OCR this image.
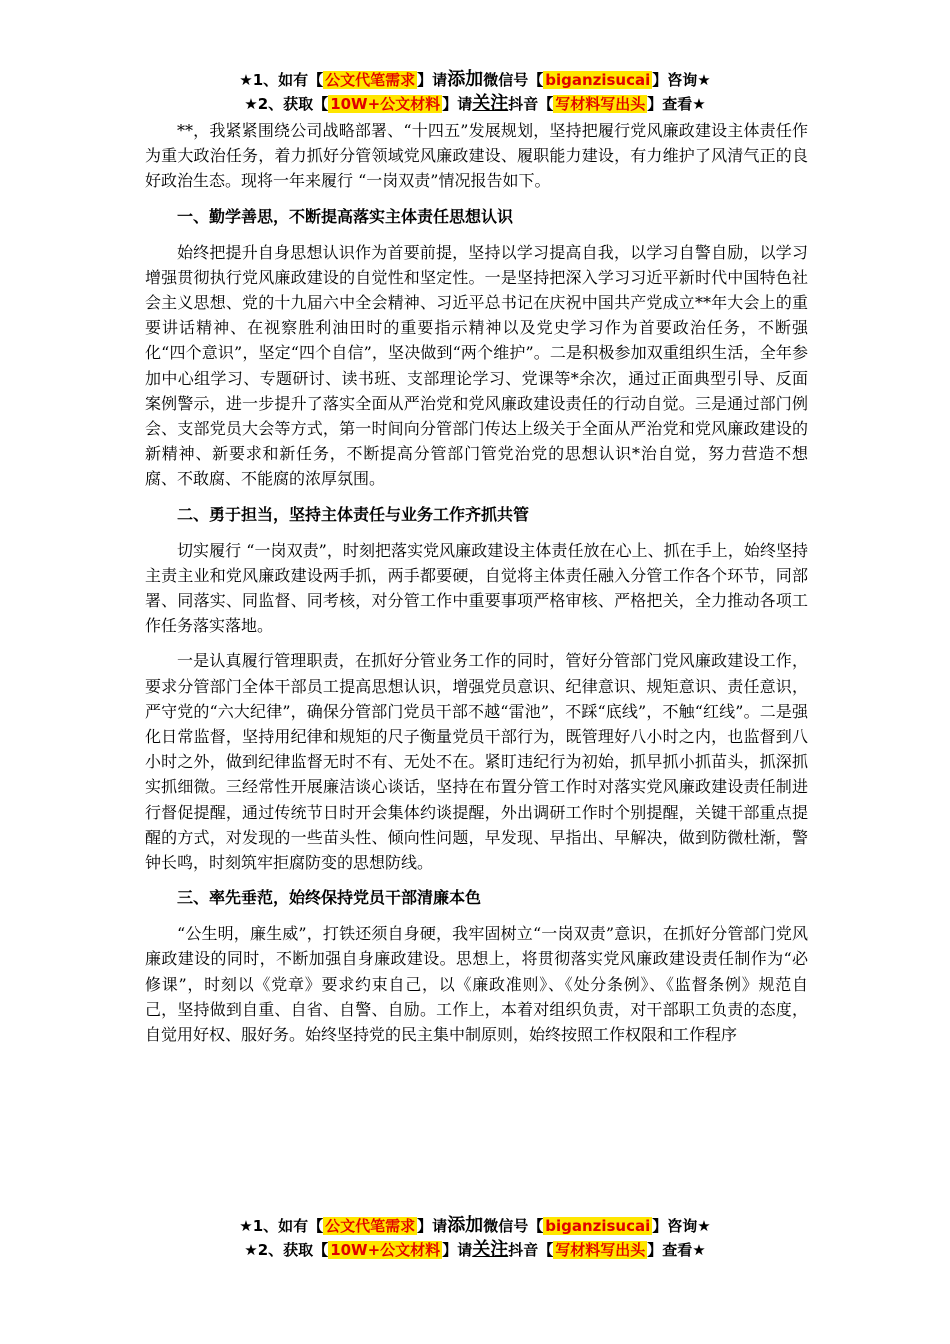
★1、如有【 公文代笔需求 】请添加微信号【 biganzisucai 】咨询★
★2、获取【 10W+公文材料 】请关注抖音【 写材料写出头 】查看★

**，我紧紧围绕公司战略部署、“十四五”发展规划，坚持把履行党风廉政建设主体责任作为重大政治任务，着力抓好分管领域党风廉政建设、履职能力建设，有力维护了风清气正的良好政治生态。现将一年来履行 “一岗双责”情况报告如下。

一、勤学善思，不断提高落实主体责任思想认识

始终把提升自身思想认识作为首要前提，坚持以学习提高自我，以学习自警自励，以学习增强贯彻执行党风廉政建设的自觉性和坚定性。一是坚持把深入学习习近平新时代中国特色社会主义思想、党的十九届六中全会精神、习近平总书记在庆祝中国共产党成立**年大会上的重要讲话精神、在视察胜利油田时的重要指示精神以及党史学习作为首要政治任务，不断强化“四个意识”，坚定“四个自信”，坚决做到“两个维护”。二是积极参加双重组织生活，全年参加中心组学习、专题研讨、读书班、支部理论学习、党课等*余次，通过正面典型引导、反面案例警示，进一步提升了落实全面从严治党和党风廉政建设责任的行动自觉。三是通过部门例会、支部党员大会等方式，第一时间向分管部门传达上级关于全面从严治党和党风廉政建设的新精神、新要求和新任务，不断提高分管部门管党治党的思想认识*治自觉，努力营造不想腐、不敢腐、不能腐的浓厚氛围。

二、勇于担当，坚持主体责任与业务工作齐抓共管

切实履行 “一岗双责”，时刻把落实党风廉政建设主体责任放在心上、抓在手上，始终坚持主责主业和党风廉政建设两手抓，两手都要硬，自觉将主体责任融入分管工作各个环节，同部署、同落实、同监督、同考核，对分管工作中重要事项严格审核、严格把关，全力推动各项工作任务落实落地。

一是认真履行管理职责，在抓好分管业务工作的同时，管好分管部门党风廉政建设工作，要求分管部门全体干部员工提高思想认识，增强党员意识、纪律意识、规矩意识、责任意识，严守党的“六大纪律”，确保分管部门党员干部不越“雷池”，不踩“底线”，不触“红线”。二是强化日常监督，坚持用纪律和规矩的尺子衡量党员干部行为，既管理好八小时之内，也监督到八小时之外，做到纪律监督无时不有、无处不在。紧盯违纪行为初始，抓早抓小抓苗头，抓深抓实抓细微。三经常性开展廉洁谈心谈话，坚持在布置分管工作时对落实党风廉政建设责任制进行督促提醒，通过传统节日时开会集体约谈提醒，外出调研工作时个别提醒，关键干部重点提醒的方式，对发现的一些苗头性、倾向性问题，早发现、早指出、早解决，做到防微杜渐，警钟长鸣，时刻筑牢拒腐防变的思想防线。

三、率先垂范，始终保持党员干部清廉本色

“公生明，廉生威”，打铁还须自身硬，我牢固树立“一岗双责”意识，在抓好分管部门党风廉政建设的同时，不断加强自身廉政建设。思想上，将贯彻落实党风廉政建设责任制作为“必修课”，时刻以《党章》要求约束自己，以《廉政准则》、《处分条例》、《监督条例》规范自己，坚持做到自重、自省、自警、自励。工作上，本着对组织负责，对干部职工负责的态度，自觉用好权、服好务。始终坚持党的民主集中制原则，始终按照工作权限和工作程序

★1、如有【 公文代笔需求 】请添加微信号【 biganzisucai 】咨询★
★2、获取【 10W+公文材料 】请关注抖音【 写材料写出头 】查看★
